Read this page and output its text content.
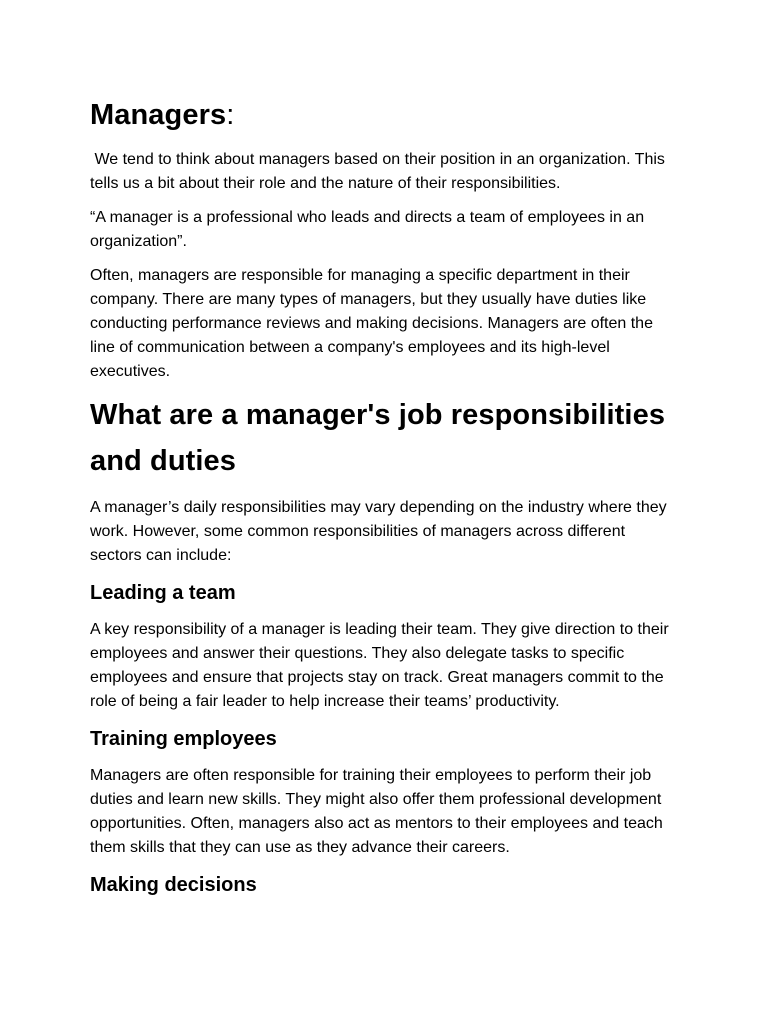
Managers:

We tend to think about managers based on their position in an organization. This tells us a bit about their role and the nature of their responsibilities.

“A manager is a professional who leads and directs a team of employees in an organization”.

Often, managers are responsible for managing a specific department in their company. There are many types of managers, but they usually have duties like conducting performance reviews and making decisions. Managers are often the line of communication between a company's employees and its high-level executives.

What are a manager's job responsibilities and duties

A manager’s daily responsibilities may vary depending on the industry where they work. However, some common responsibilities of managers across different sectors can include:

Leading a team

A key responsibility of a manager is leading their team. They give direction to their employees and answer their questions. They also delegate tasks to specific employees and ensure that projects stay on track. Great managers commit to the role of being a fair leader to help increase their teams’ productivity.

Training employees

Managers are often responsible for training their employees to perform their job duties and learn new skills. They might also offer them professional development opportunities. Often, managers also act as mentors to their employees and teach them skills that they can use as they advance their careers.

Making decisions
